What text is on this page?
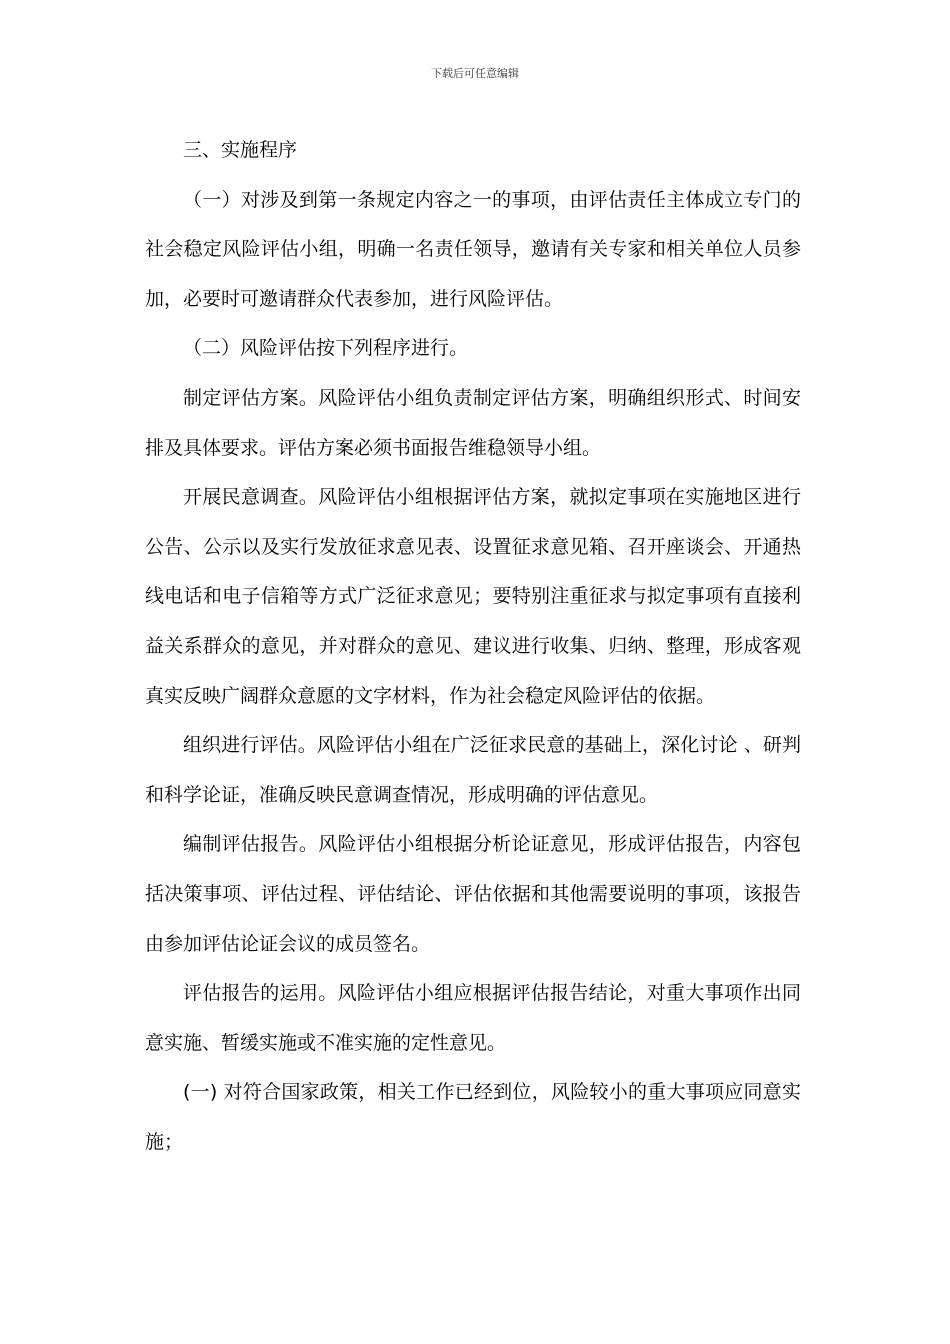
下载后可任意编辑

三、实施程序

（一）对涉及到第一条规定内容之一的事项，由评估责任主体成立专门的社会稳定风险评估小组，明确一名责任领导，邀请有关专家和相关单位人员参加，必要时可邀请群众代表参加，进行风险评估。

（二）风险评估按下列程序进行。

制定评估方案。风险评估小组负责制定评估方案，明确组织形式、时间安排及具体要求。评估方案必须书面报告维稳领导小组。

开展民意调查。风险评估小组根据评估方案，就拟定事项在实施地区进行公告、公示以及实行发放征求意见表、设置征求意见箱、召开座谈会、开通热线电话和电子信箱等方式广泛征求意见；要特别注重征求与拟定事项有直接利益关系群众的意见，并对群众的意见、建议进行收集、归纳、整理，形成客观真实反映广阔群众意愿的文字材料，作为社会稳定风险评估的依据。

组织进行评估。风险评估小组在广泛征求民意的基础上，深化讨论 、研判和科学论证，准确反映民意调查情况，形成明确的评估意见。

编制评估报告。风险评估小组根据分析论证意见，形成评估报告，内容包括决策事项、评估过程、评估结论、评估依据和其他需要说明的事项，该报告由参加评估论证会议的成员签名。

评估报告的运用。风险评估小组应根据评估报告结论，对重大事项作出同意实施、暂缓实施或不准实施的定性意见。

(一) 对符合国家政策，相关工作已经到位，风险较小的重大事项应同意实施；
